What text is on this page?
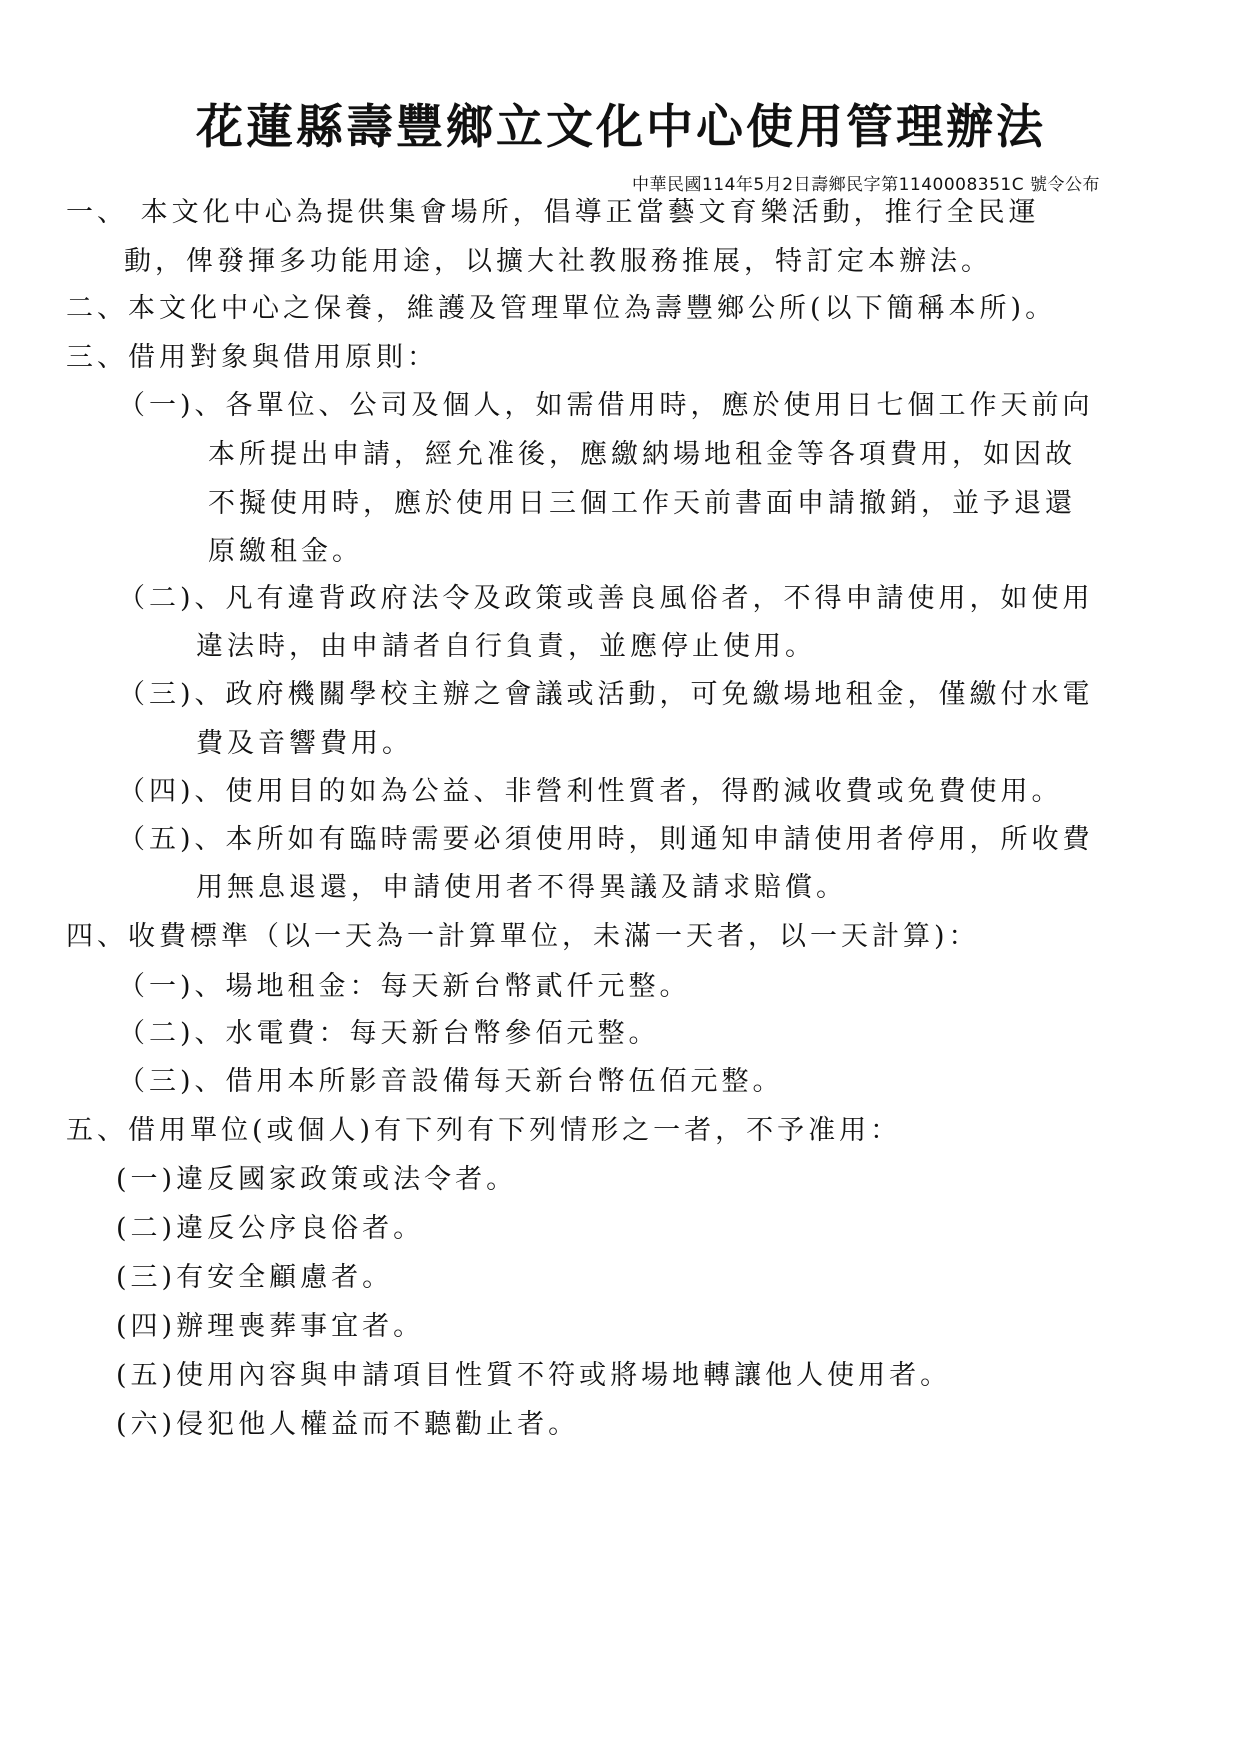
花蓮縣壽豐鄉立文化中心使用管理辦法
中華民國114年5月2日壽鄉民字第1140008351C 號令公布

一、 本文化中心為提供集會場所，倡導正當藝文育樂活動，推行全民運

動，俾發揮多功能用途，以擴大社教服務推展，特訂定本辦法。

二、本文化中心之保養，維護及管理單位為壽豐鄉公所(以下簡稱本所)。

三、借用對象與借用原則：

（一)、各單位、公司及個人，如需借用時，應於使用日七個工作天前向

本所提出申請，經允准後，應繳納場地租金等各項費用，如因故

不擬使用時，應於使用日三個工作天前書面申請撤銷，並予退還

原繳租金。

（二)、凡有違背政府法令及政策或善良風俗者，不得申請使用，如使用

違法時，由申請者自行負責，並應停止使用。

（三)、政府機關學校主辦之會議或活動，可免繳場地租金，僅繳付水電

費及音響費用。

（四)、使用目的如為公益、非營利性質者，得酌減收費或免費使用。

（五)、本所如有臨時需要必須使用時，則通知申請使用者停用，所收費

用無息退還，申請使用者不得異議及請求賠償。

四、收費標準（以一天為一計算單位，未滿一天者，以一天計算)：

（一)、場地租金：每天新台幣貳仟元整。

（二)、水電費：每天新台幣參佰元整。

（三)、借用本所影音設備每天新台幣伍佰元整。

五、借用單位(或個人)有下列有下列情形之一者，不予准用：

(一)違反國家政策或法令者。

(二)違反公序良俗者。

(三)有安全顧慮者。

(四)辦理喪葬事宜者。

(五)使用內容與申請項目性質不符或將場地轉讓他人使用者。

(六)侵犯他人權益而不聽勸止者。
